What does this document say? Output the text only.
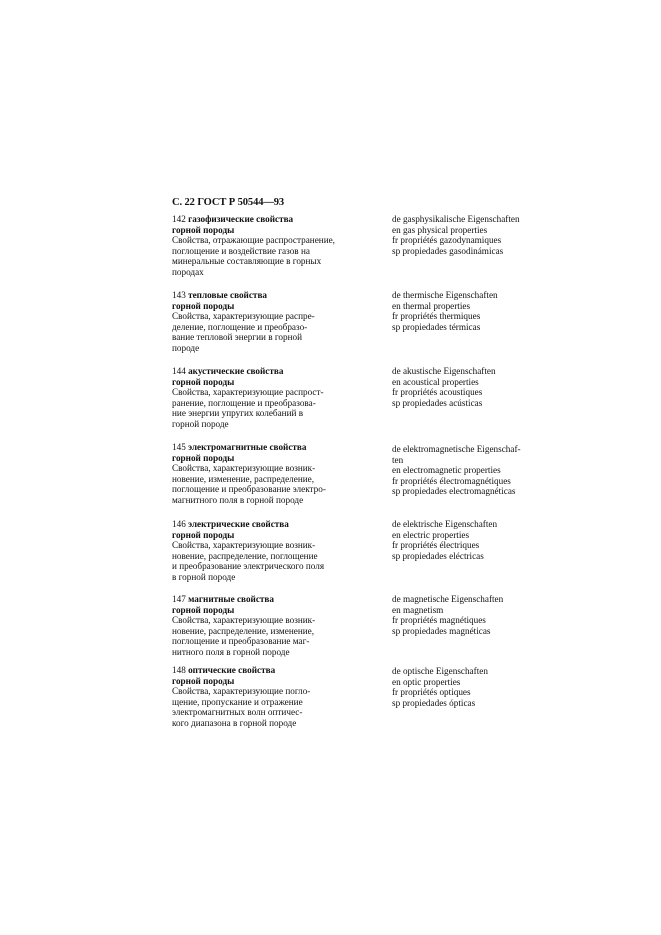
С. 22 ГОСТ Р 50544—93
142 газофизические свойства
горной породы
Свойства, отражающие распространение,
поглощение и воздействие газов на
минеральные составляющие в горных
породах
de gasphysikalische Eigenschaften
en gas physical properties
fr propriétés gazodynamiques
sp propiedades gasodinámicas
143 тепловые свойства
горной породы
Свойства, характеризующие распре-
деление, поглощение и преобразо-
вание тепловой энергии в горной
породе
de thermische Eigenschaften
en thermal properties
fr propriétés thermiques
sp propiedades térmicas
144 акустические свойства
горной породы
Свойства, характеризующие распрост-
ранение, поглощение и преобразова-
ние энергии упругих колебаний в
горной породе
de akustische Eigenschaften
en acoustical properties
fr propriétés acoustiques
sp propiedades acústicas
145 электромагнитные свойства
горной породы
Свойства, характеризующие возник-
новение, изменение, распределение,
поглощение и преобразование электро-
магнитного поля в горной породе
de elektromagnetische Eigenschaf-
ten
en electromagnetic properties
fr propriétés électromagnétiques
sp propiedades electromagnéticas
146 электрические свойства
горной породы
Свойства, характеризующие возник-
новение, распределение, поглощение
и преобразование электрического поля
в горной породе
de elektrische Eigenschaften
en electric properties
fr propriétés électriques
sp propiedades eléctricas
147 магнитные свойства
горной породы
Свойства, характеризующие возник-
новение, распределение, изменение,
поглощение и преобразование маг-
нитного поля в горной породе
de magnetische Eigenschaften
en magnetism
fr propriétés magnétiques
sp propiedades magnéticas
148 оптические свойства
горной породы
Свойства, характеризующие погло-
щение, пропускание и отражение
электромагнитных волн оптичес-
кого диапазона в горной породе
de optische Eigenschaften
en optic properties
fr propriétés optiques
sp propiedades ópticas
